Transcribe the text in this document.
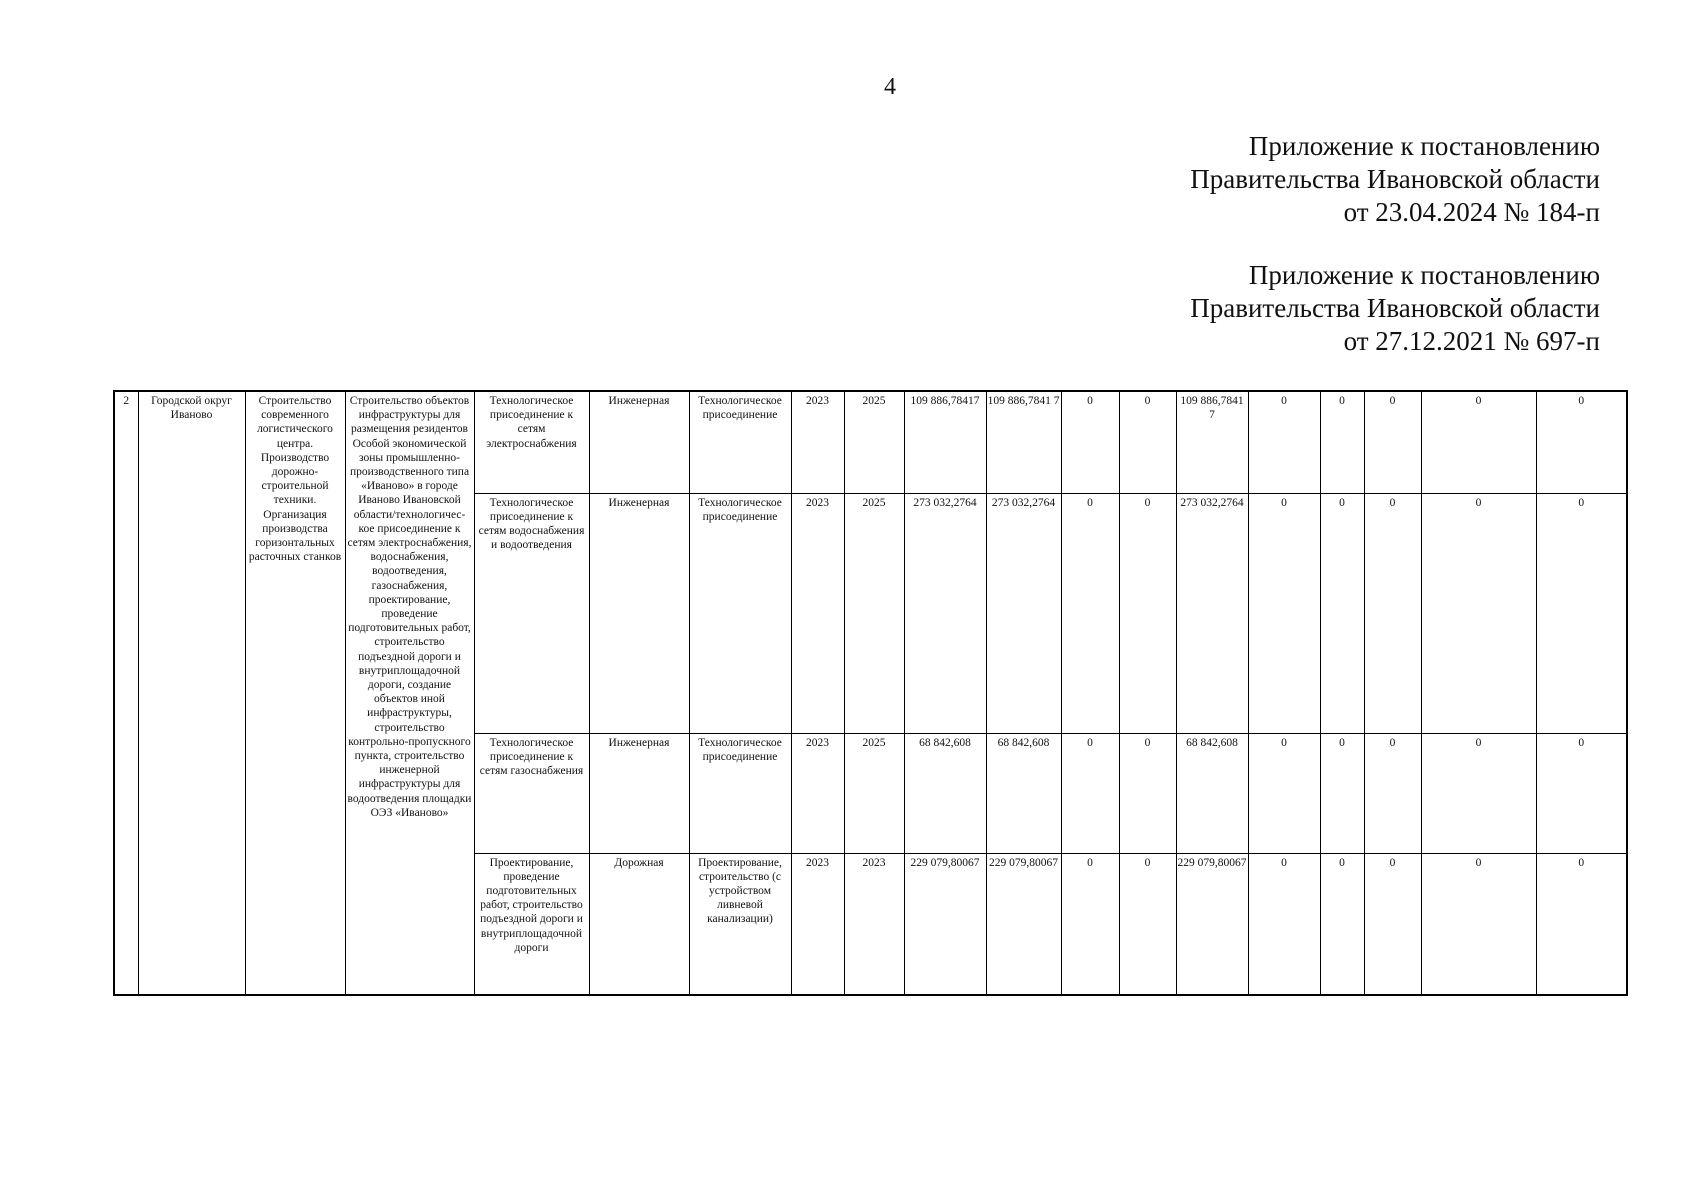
4
Приложение к постановлению
Правительства Ивановской области
от 23.04.2024 № 184-п
Приложение к постановлению
Правительства Ивановской области
от 27.12.2021 № 697-п
2	Городской округ Иваново	Строительство современного логистического центра. Производство дорожно-строительной техники. Организация производства горизонтальных расточных станков	Строительство объектов инфраструктуры для размещения резидентов Особой экономической зоны промышленно-производственного типа «Иваново» в городе Иваново Ивановской области/технологичес-кое присоединение к сетям электроснабжения, водоснабжения, водоотведения, газоснабжения, проектирование, проведение подготовительных работ, строительство подъездной дороги и внутриплощадочной дороги, создание объектов иной инфраструктуры, строительство контрольно-пропускного пункта, строительство инженерной инфраструктуры для водоотведения площадки ОЭЗ «Иваново»	Технологическое присоединение к сетям электроснабжения	Инженерная	Технологическое присоединение	2023	2025	109 886,78417	109 886,7841 7	0	0	109 886,7841 7	0	0	0	0	0
				Технологическое присоединение к сетям водоснабжения и водоотведения	Инженерная	Технологическое присоединение	2023	2025	273 032,2764	273 032,2764	0	0	273 032,2764	0	0	0	0	0
				Технологическое присоединение к сетям газоснабжения	Инженерная	Технологическое присоединение	2023	2025	68 842,608	68 842,608	0	0	68 842,608	0	0	0	0	0
				Проектирование, проведение подготовительных работ, строительство подъездной дороги и внутриплощадочной дороги	Дорожная	Проектирование, строительство (с устройством ливневой канализации)	2023	2023	229 079,80067	229 079,80067	0	0	229 079,80067	0	0	0	0	0
